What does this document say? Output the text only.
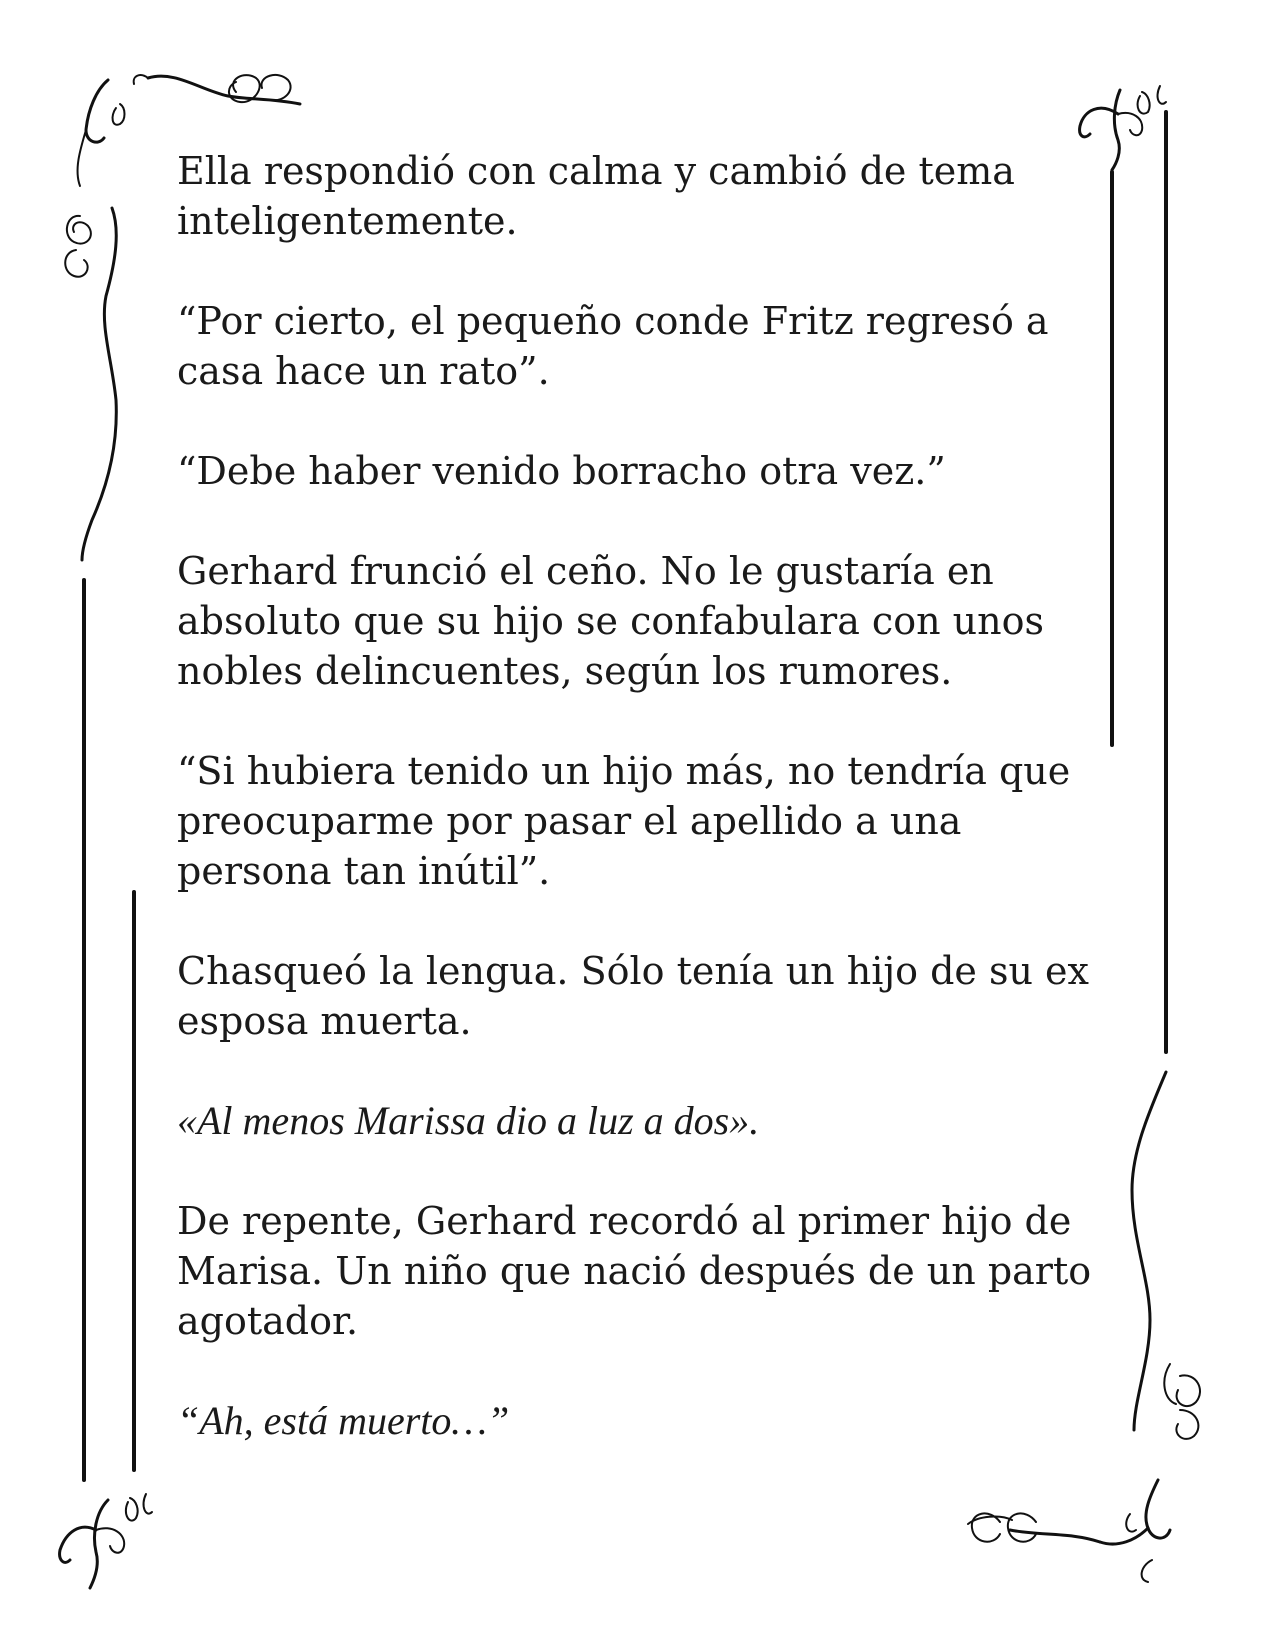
Ella respondió con calma y cambió de tema
inteligentemente.

“Por cierto, el pequeño conde Fritz regresó a
casa hace un rato”.

“Debe haber venido borracho otra vez.”

Gerhard frunció el ceño. No le gustaría en
absoluto que su hijo se confabulara con unos
nobles delincuentes, según los rumores.

“Si hubiera tenido un hijo más, no tendría que
preocuparme por pasar el apellido a una
persona tan inútil”.

Chasqueó la lengua. Sólo tenía un hijo de su ex
esposa muerta.

«Al menos Marissa dio a luz a dos».

De repente, Gerhard recordó al primer hijo de
Marisa. Un niño que nació después de un parto
agotador.

“Ah, está muerto…”
